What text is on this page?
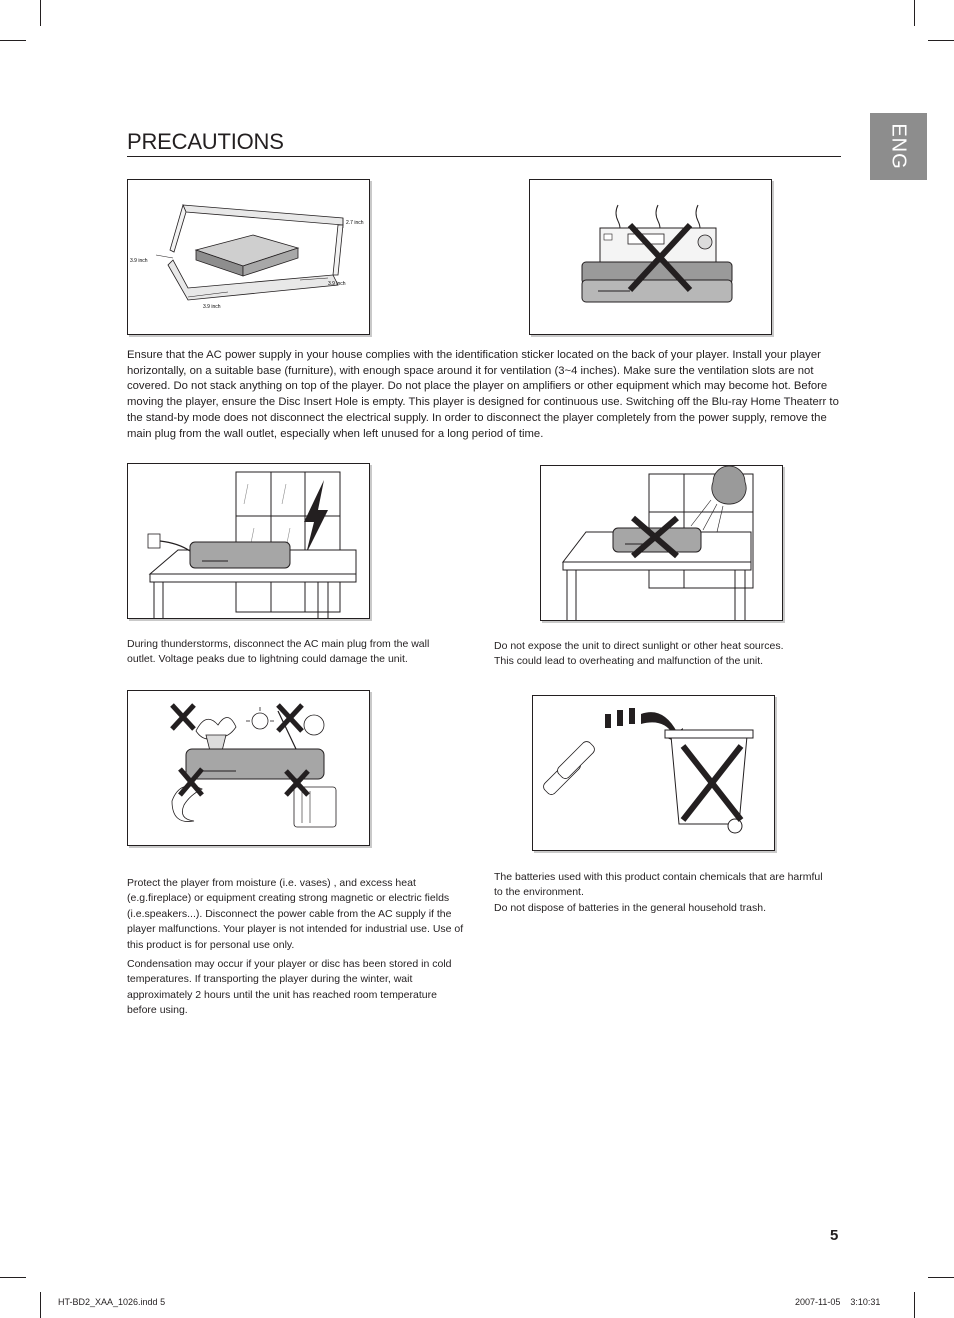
ENG
PRECAUTIONS
2.7 inch
3.9 inch
3.9 inch
3.9 inch

Ensure that the AC power supply in your house complies with the identification sticker located on the back of your player. Install your player horizontally, on a suitable base (furniture), with enough space around it for ventilation (3~4 inches). Make sure the ventilation slots are not covered. Do not stack anything on top of the player. Do not place the player on amplifiers or other equipment which may become hot. Before moving the player, ensure the Disc Insert Hole is empty. This player is designed for continuous use. Switching off the Blu-ray Home Theaterr to the stand-by mode does not disconnect the electrical supply. In order to disconnect the player completely from the power supply, remove the main plug from the wall outlet, especially when left unused for a long period of time.

During thunderstorms, disconnect the AC main plug from the wall outlet. Voltage peaks due to lightning could damage the unit.

Do not expose the unit to direct sunlight or other heat sources. This could lead to overheating and malfunction of the unit.

Protect the player from moisture (i.e. vases) , and excess heat (e.g.fireplace) or equipment creating strong magnetic or electric fields (i.e.speakers...). Disconnect the power cable from the AC supply if the player malfunctions. Your player is not intended for industrial use. Use of this product is for personal use only.

Condensation may occur if your player or disc has been stored in cold temperatures. If transporting the player during the winter, wait approximately 2 hours until the unit has reached room temperature before using.

The batteries used with this product contain chemicals that are harmful to the environment.

Do not dispose of batteries in the general household trash.

5
HT-BD2_XAA_1026.indd 5	2007-11-05    3:10:31
